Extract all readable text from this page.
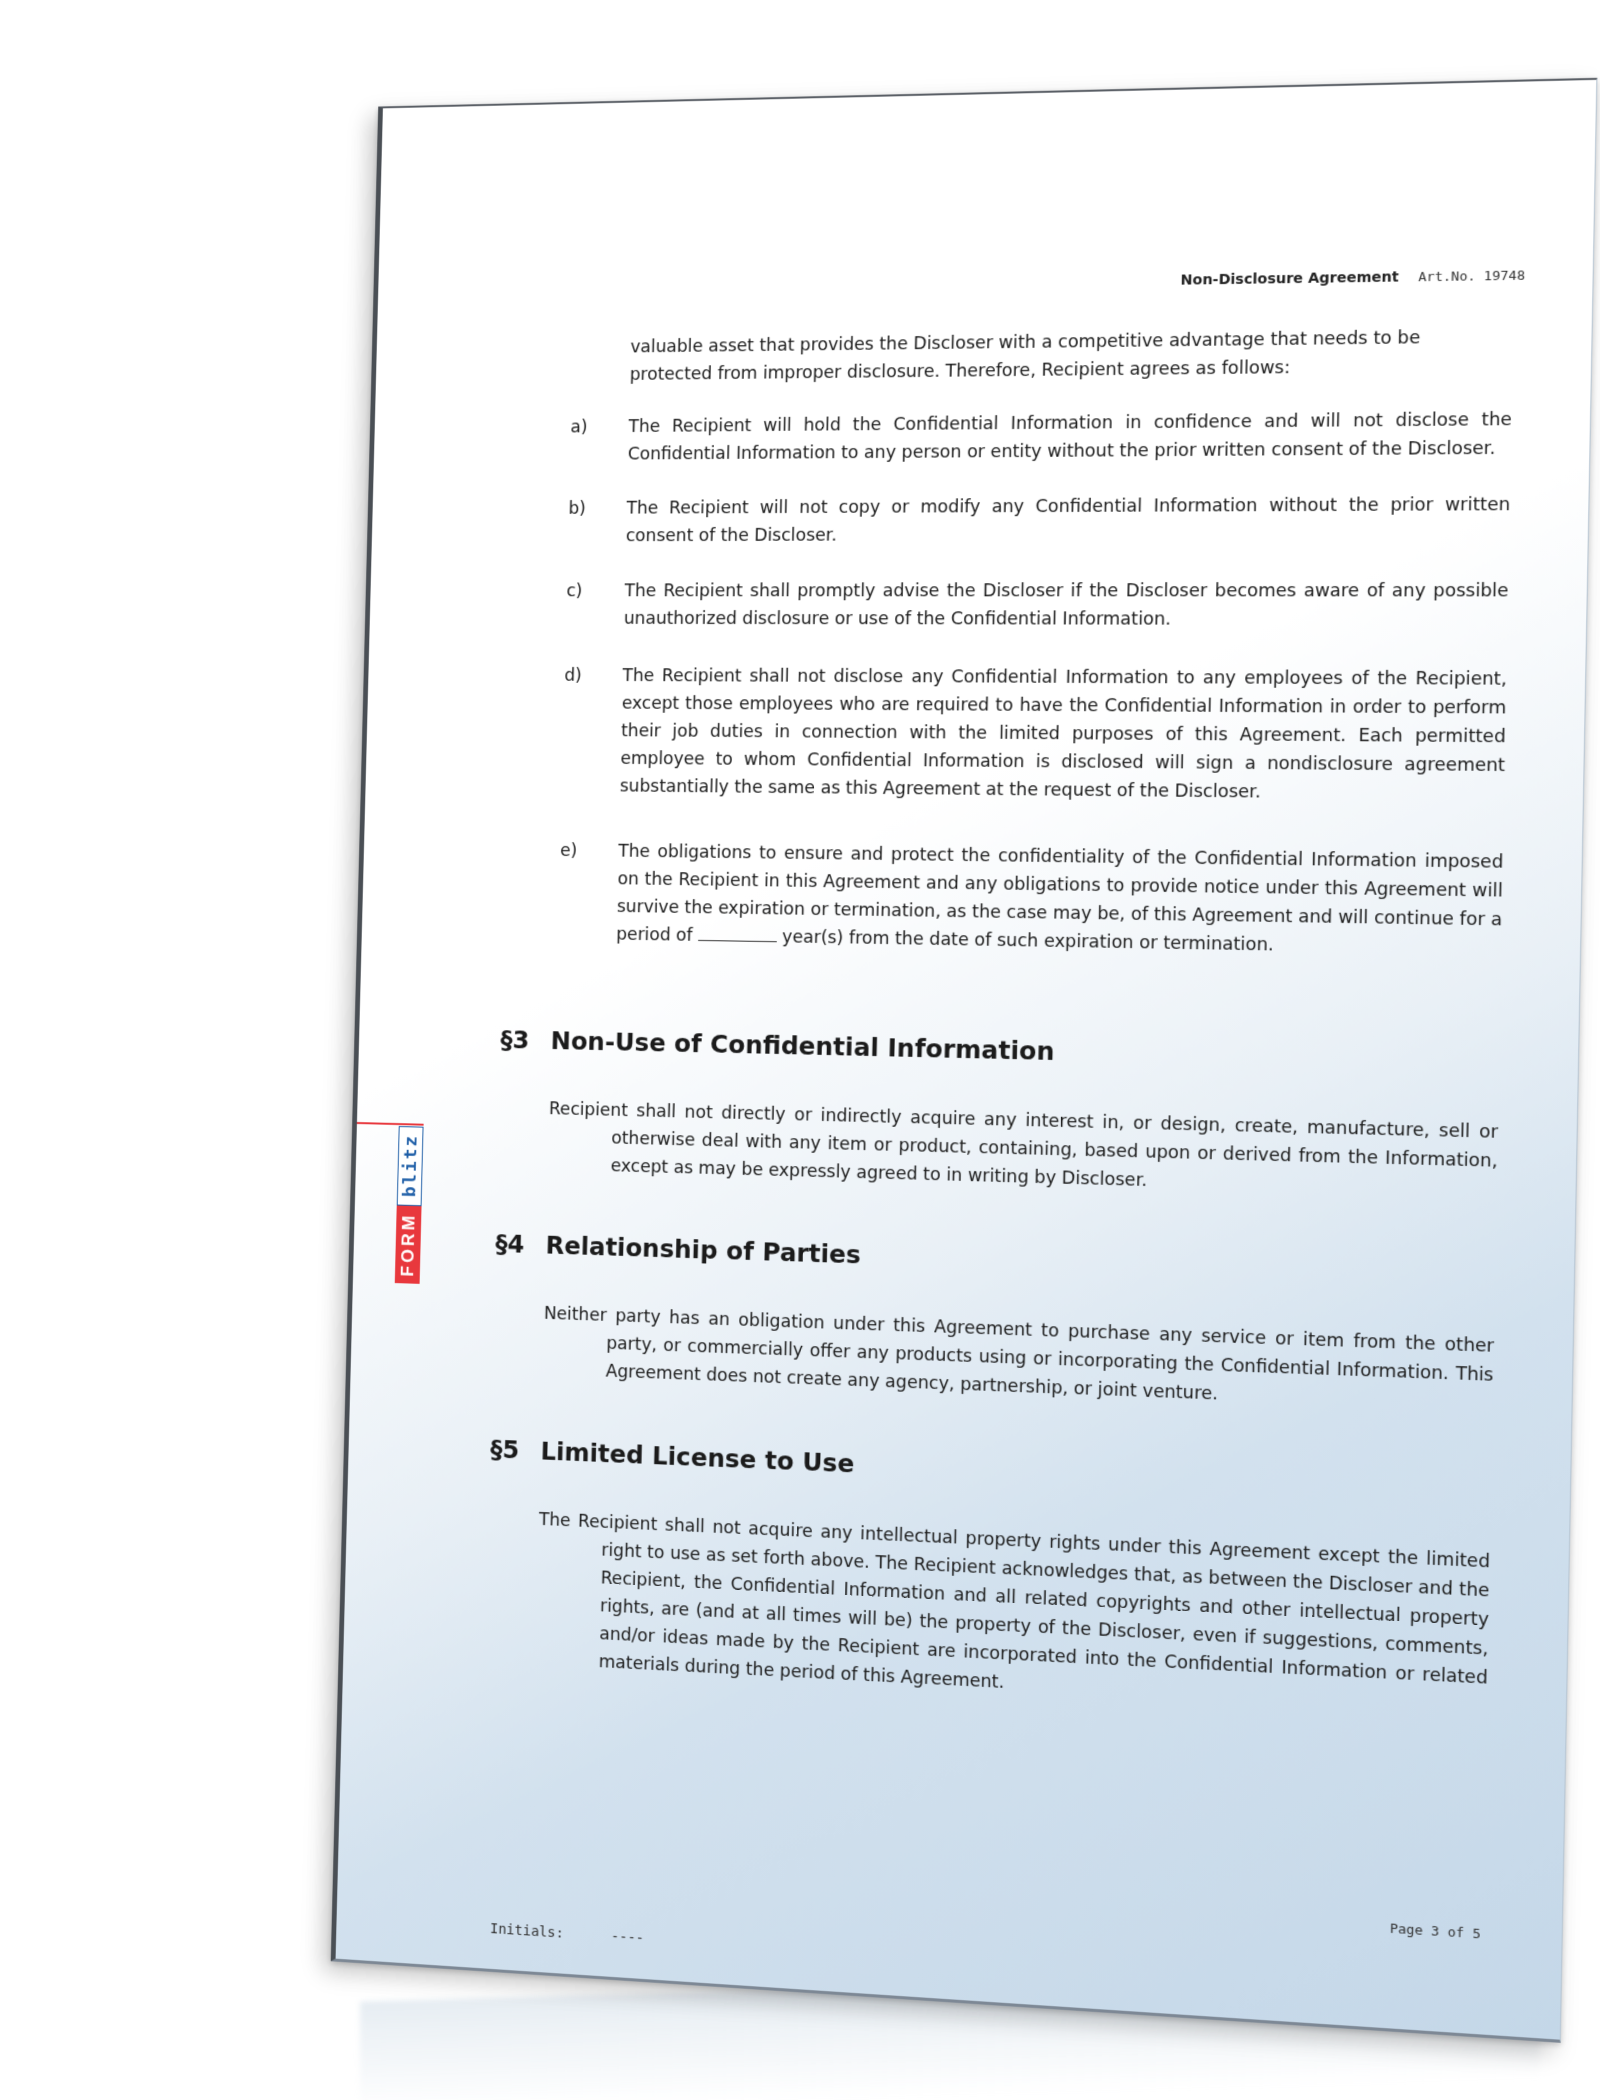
Non-Disclosure Agreement Art.No. 19748
valuable asset that provides the Discloser with a competitive advantage that needs to be protected from improper disclosure. Therefore, Recipient agrees as follows:
a)	The Recipient will hold the Confidential Information in confidence and will not disclose the Confidential Information to any person or entity without the prior written consent of the Discloser.
b)	The Recipient will not copy or modify any Confidential Information without the prior written consent of the Discloser.
c)	The Recipient shall promptly advise the Discloser if the Discloser becomes aware of any possible unauthorized disclosure or use of the Confidential Information.
d)	The Recipient shall not disclose any Confidential Information to any employees of the Recipient, except those employees who are required to have the Confidential Information in order to perform their job duties in connection with the limited purposes of this Agreement. Each permitted employee to whom Confidential Information is disclosed will sign a nondisclosure agreement substantially the same as this Agreement at the request of the Discloser.
e)	The obligations to ensure and protect the confidentiality of the Confidential Information imposed on the Recipient in this Agreement and any obligations to provide notice under this Agreement will survive the expiration or termination, as the case may be, of this Agreement and will continue for a period of	year(s) from the date of such expiration or termination.
§3 Non-Use of Confidential Information
Recipient shall not directly or indirectly acquire any interest in, or design, create, manufacture, sell or otherwise deal with any item or product, containing, based upon or derived from the Information, except as may be expressly agreed to in writing by Discloser.
§4 Relationship of Parties
Neither party has an obligation under this Agreement to purchase any service or item from the other party, or commercially offer any products using or incorporating the Confidential Information. This Agreement does not create any agency, partnership, or joint venture.
§5 Limited License to Use
The Recipient shall not acquire any intellectual property rights under this Agreement except the limited right to use as set forth above. The Recipient acknowledges that, as between the Discloser and the Recipient, the Confidential Information and all related copyrights and other intellectual property rights, are (and at all times will be) the property of the Discloser, even if suggestions, comments, and/or ideas made by the Recipient are incorporated into the Confidential Information or related materials during the period of this Agreement.
Page 3 of 5
Initials:	----
FORM
blitz
